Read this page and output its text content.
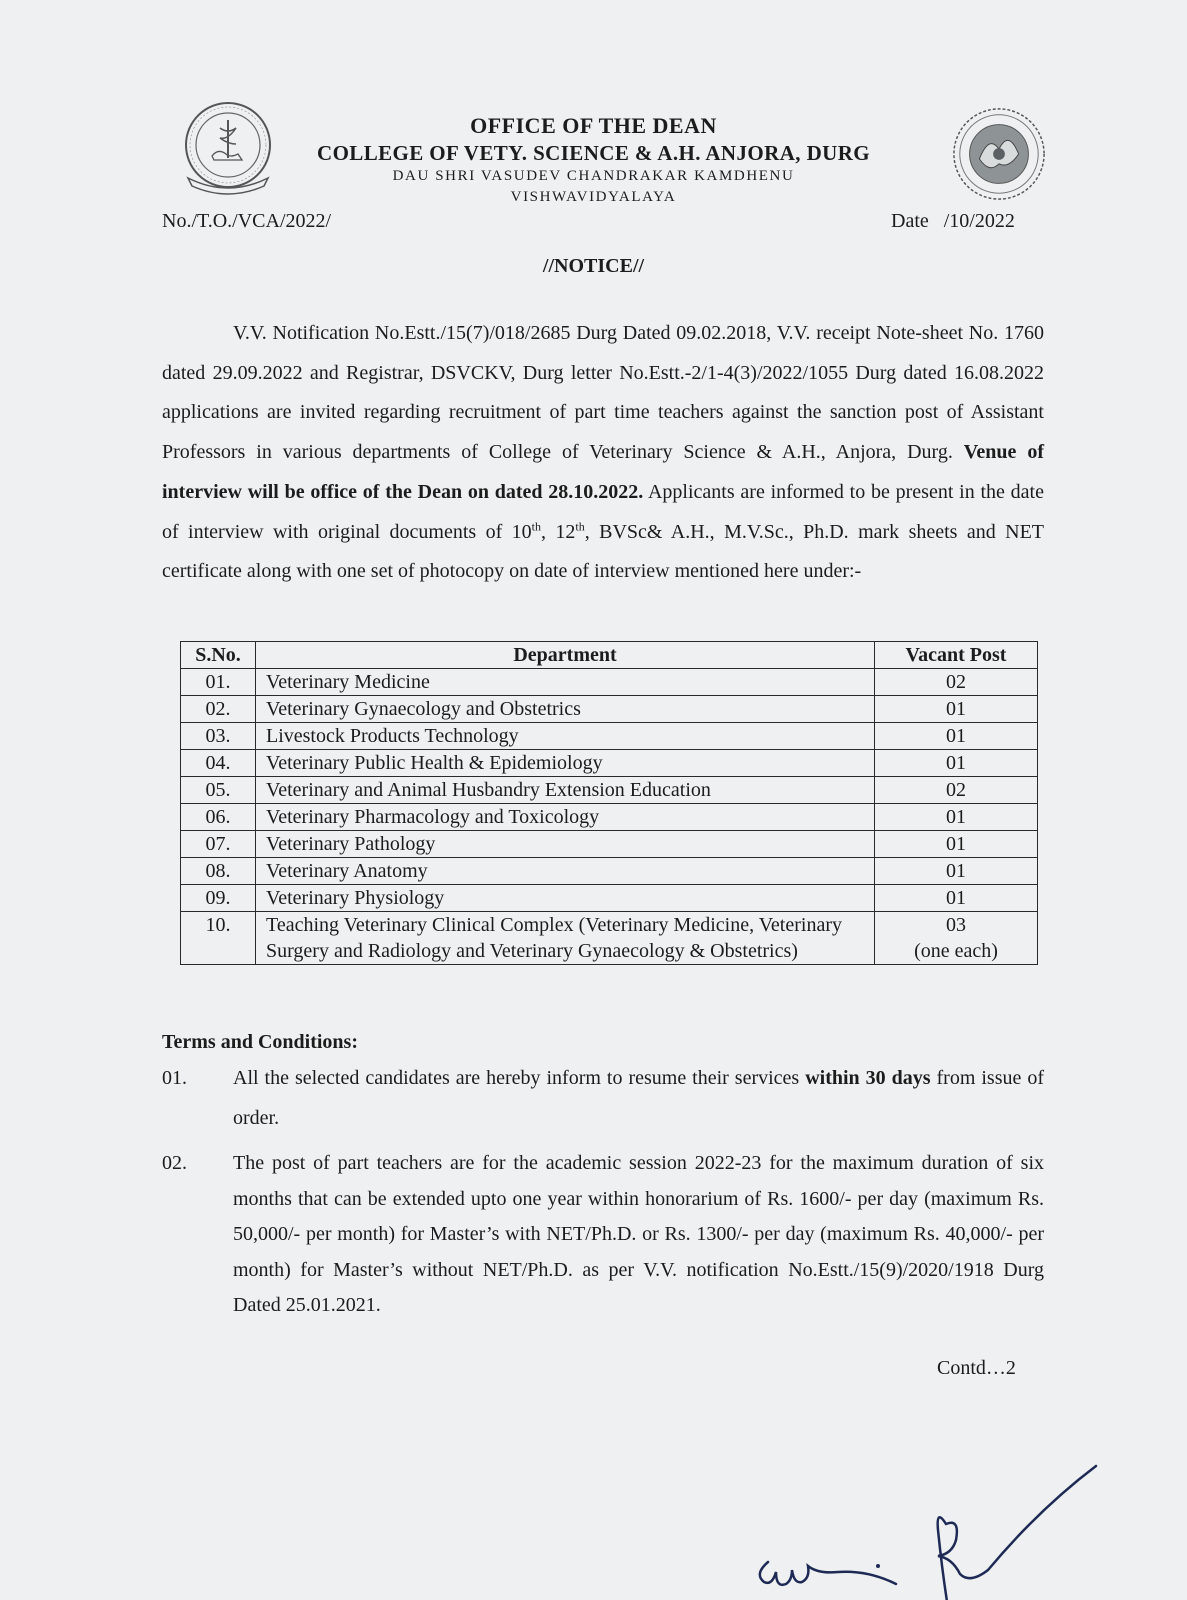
OFFICE OF THE DEAN
COLLEGE OF VETY. SCIENCE & A.H. ANJORA, DURG
DAU SHRI VASUDEV CHANDRAKAR KAMDHENU
VISHWAVIDYALAYA
No./T.O./VCA/2022/	Date   /10/2022
//NOTICE//
V.V. Notification No.Estt./15(7)/018/2685 Durg Dated 09.02.2018, V.V. receipt Note-sheet No. 1760 dated 29.09.2022 and Registrar, DSVCKV, Durg letter No.Estt.-2/1-4(3)/2022/1055 Durg dated 16.08.2022 applications are invited regarding recruitment of part time teachers against the sanction post of Assistant Professors in various departments of College of Veterinary Science & A.H., Anjora, Durg. Venue of interview will be office of the Dean on dated 28.10.2022. Applicants are informed to be present in the date of interview with original documents of 10th, 12th, BVSc& A.H., M.V.Sc., Ph.D. mark sheets and NET certificate along with one set of photocopy on date of interview mentioned here under:-
S.No.	Department	Vacant Post
01.	Veterinary Medicine	02
02.	Veterinary Gynaecology and Obstetrics	01
03.	Livestock Products Technology	01
04.	Veterinary Public Health & Epidemiology	01
05.	Veterinary and Animal Husbandry Extension Education	02
06.	Veterinary Pharmacology and Toxicology	01
07.	Veterinary Pathology	01
08.	Veterinary Anatomy	01
09.	Veterinary Physiology	01
10.	Teaching Veterinary Clinical Complex (Veterinary Medicine, Veterinary Surgery and Radiology and Veterinary Gynaecology & Obstetrics)	03
(one each)
Terms and Conditions:
01. All the selected candidates are hereby inform to resume their services within 30 days from issue of order.
02. The post of part teachers are for the academic session 2022-23 for the maximum duration of six months that can be extended upto one year within honorarium of Rs. 1600/- per day (maximum Rs. 50,000/- per month) for Master’s with NET/Ph.D. or Rs. 1300/- per day (maximum Rs. 40,000/- per month) for Master’s without NET/Ph.D. as per V.V. notification No.Estt./15(9)/2020/1918 Durg Dated 25.01.2021.
Contd…2
